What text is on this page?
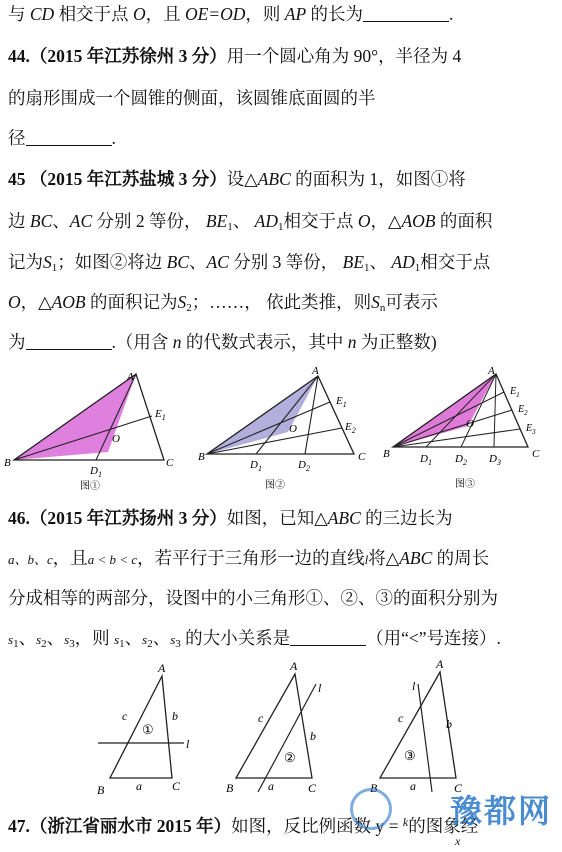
与 CD 相交于点 O，且 OE=OD，则 AP 的长为	.
44.（2015 年江苏徐州 3 分）用一个圆心角为 90°，半径为 4
的扇形围成一个圆锥的侧面，该圆锥底面圆的半
径	.
45 （2015 年江苏盐城 3 分）设△ABC 的面积为 1，如图①将
边 BC、AC 分别 2 等份， $BE_1$、 $AD_1$相交于点 O，△AOB 的面积
记为$S_1$；如图②将边 BC、AC 分别 3 等份， $BE_1$、 $AD_1$相交于点
O，△AOB 的面积记为$S_2$；……， 依此类推，则$S_n$可表示
为	.（用含 n 的代数式表示，其中 n 为正整数)
A
B	C
O
$E_1$
$D_1$
图①
A
B	C
O
$E_1$
$E_2$
$D_1$	$D_2$
图②
A
B	C
O
$E_1$
$E_2$
$E_3$
$D_1$ $D_2$ $D_3$
图③
46.（2015 年江苏扬州 3 分）如图，已知△ABC 的三边长为
a、b、c，且a < b < c，若平行于三角形一边的直线l将△ABC 的周长
分成相等的两部分，设图中的小三角形①、②、③的面积分别为
$s_1$、$s_2$、$s_3$，则 $s_1$、$s_2$、$s_3$ 的大小关系是	（用“<”号连接）.
A
B	C
c	b
a
l
①
A
B	C
c
b
a
l
②
A
B	C
c	b
a
l
③
47.（浙江省丽水市 2015 年）如图，反比例函数 y = $^k$的图象经
x
豫都网
